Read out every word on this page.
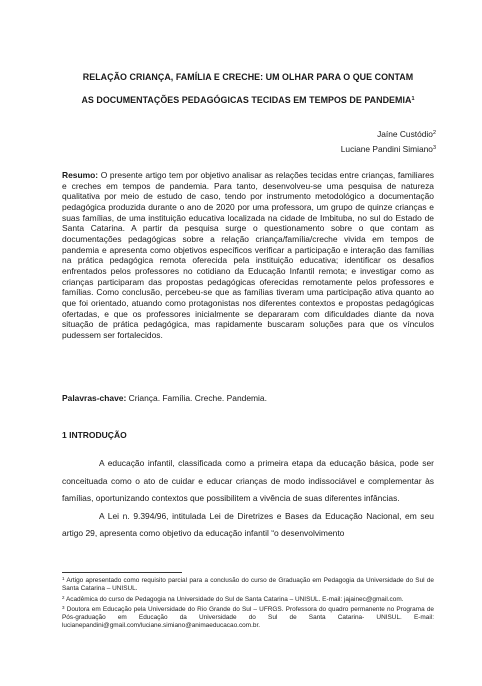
RELAÇÃO CRIANÇA, FAMÍLIA E CRECHE: UM OLHAR PARA O QUE CONTAM
AS DOCUMENTAÇÕES PEDAGÓGICAS TECIDAS EM TEMPOS DE PANDEMIA$^1$
Jaíne Custódio$^2$
Luciane Pandini Simiano$^3$
Resumo: O presente artigo tem por objetivo analisar as relações tecidas entre crianças, familiares e creches em tempos de pandemia. Para tanto, desenvolveu-se uma pesquisa de natureza qualitativa por meio de estudo de caso, tendo por instrumento metodológico a documentação pedagógica produzida durante o ano de 2020 por uma professora, um grupo de quinze crianças e suas famílias, de uma instituição educativa localizada na cidade de Imbituba, no sul do Estado de Santa Catarina. A partir da pesquisa surge o questionamento sobre o que contam as documentações pedagógicas sobre a relação criança/família/creche vivida em tempos de pandemia e apresenta como objetivos específicos verificar a participação e interação das famílias na prática pedagógica remota oferecida pela instituição educativa; identificar os desafios enfrentados pelos professores no cotidiano da Educação Infantil remota; e investigar como as crianças participaram das propostas pedagógicas oferecidas remotamente pelos professores e famílias. Como conclusão, percebeu-se que as famílias tiveram uma participação ativa quanto ao que foi orientado, atuando como protagonistas nos diferentes contextos e propostas pedagógicas ofertadas, e que os professores inicialmente se depararam com dificuldades diante da nova situação de prática pedagógica, mas rapidamente buscaram soluções para que os vínculos pudessem ser fortalecidos.
Palavras-chave: Criança. Família. Creche. Pandemia.
1 INTRODUÇÃO

A educação infantil, classificada como a primeira etapa da educação básica, pode ser conceituada como o ato de cuidar e educar crianças de modo indissociável e complementar às famílias, oportunizando contextos que possibilitem a vivência de suas diferentes infâncias.

A Lei n. 9.394/96, intitulada Lei de Diretrizes e Bases da Educação Nacional, em seu artigo 29, apresenta como objetivo da educação infantil “o desenvolvimento

$^1$ Artigo apresentado como requisito parcial para a conclusão do curso de Graduação em Pedagogia da Universidade do Sul de Santa Catarina – UNISUL.

$^2$ Acadêmica do curso de Pedagogia na Universidade do Sul de Santa Catarina – UNISUL. E-mail: jajainec@gmail.com.

$^3$ Doutora em Educação pela Universidade do Rio Grande do Sul – UFRGS. Professora do quadro permanente no Programa de Pós-graduação em Educação da Universidade do Sul de Santa Catarina- UNISUL. E-mail: lucianepandini@gmail.com/luciane.simiano@animaeducacao.com.br.
